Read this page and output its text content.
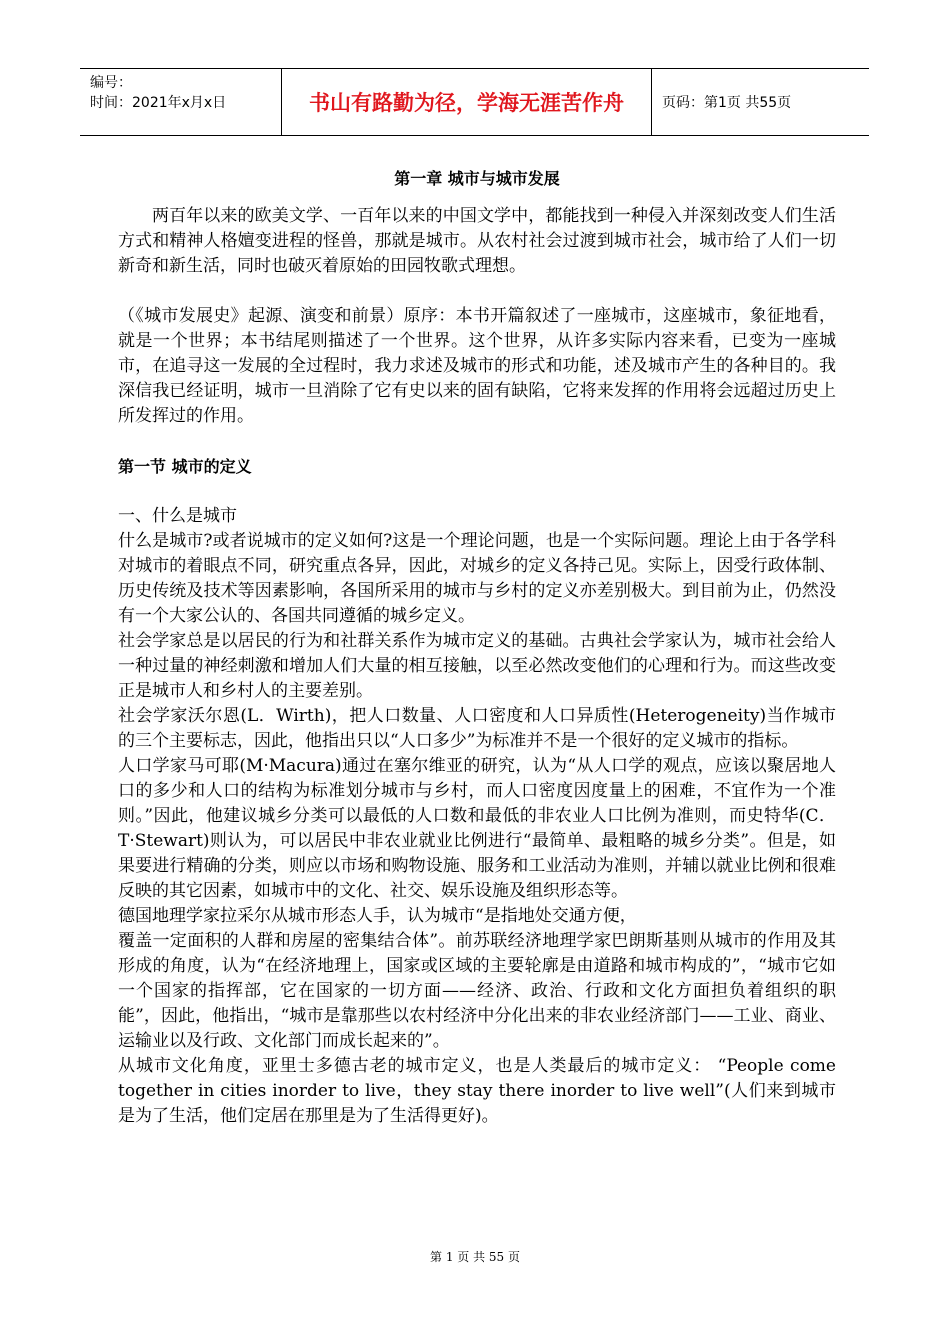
编号：
时间：2021年x月x日	书山有路勤为径，学海无涯苦作舟	页码：第1页 共55页
第一章 城市与城市发展

两百年以来的欧美文学、一百年以来的中国文学中，都能找到一种侵入并深刻改变人们生活方式和精神人格嬗变进程的怪兽，那就是城市。从农村社会过渡到城市社会，城市给了人们一切新奇和新生活，同时也破灭着原始的田园牧歌式理想。

（《城市发展史》起源、演变和前景）原序：本书开篇叙述了一座城市，这座城市，象征地看，就是一个世界；本书结尾则描述了一个世界。这个世界，从许多实际内容来看，已变为一座城市，在追寻这一发展的全过程时，我力求述及城市的形式和功能，述及城市产生的各种目的。我深信我已经证明，城市一旦消除了它有史以来的固有缺陷，它将来发挥的作用将会远超过历史上所发挥过的作用。

第一节 城市的定义

一、什么是城市

什么是城市?或者说城市的定义如何?这是一个理论问题，也是一个实际问题。理论上由于各学科对城市的着眼点不同，研究重点各异，因此，对城乡的定义各持己见。实际上，因受行政体制、历史传统及技术等因素影响，各国所采用的城市与乡村的定义亦差别极大。到目前为止，仍然没有一个大家公认的、各国共同遵循的城乡定义。

社会学家总是以居民的行为和社群关系作为城市定义的基础。古典社会学家认为，城市社会给人一种过量的神经刺激和增加人们大量的相互接触，以至必然改变他们的心理和行为。而这些改变正是城市人和乡村人的主要差别。

社会学家沃尔恩(L．Wirth)，把人口数量、人口密度和人口异质性(Heterogeneity)当作城市的三个主要标志，因此，他指出只以“人口多少”为标准并不是一个很好的定义城市的指标。

人口学家马可耶(M·Macura)通过在塞尔维亚的研究，认为“从人口学的观点，应该以聚居地人口的多少和人口的结构为标准划分城市与乡村，而人口密度因度量上的困难，不宜作为一个准则。”因此，他建议城乡分类可以最低的人口数和最低的非农业人口比例为准则，而史特华(C．T·Stewart)则认为，可以居民中非农业就业比例进行“最简单、最粗略的城乡分类”。但是，如果要进行精确的分类，则应以市场和购物设施、服务和工业活动为准则，并辅以就业比例和很难反映的其它因素，如城市中的文化、社交、娱乐设施及组织形态等。

德国地理学家拉采尔从城市形态人手，认为城市“是指地处交通方便，

覆盖一定面积的人群和房屋的密集结合体”。前苏联经济地理学家巴朗斯基则从城市的作用及其形成的角度，认为“在经济地理上，国家或区域的主要轮廓是由道路和城市构成的”，“城市它如一个国家的指挥部，它在国家的一切方面——经济、政治、行政和文化方面担负着组织的职能”，因此，他指出，“城市是靠那些以农村经济中分化出来的非农业经济部门——工业、商业、运输业以及行政、文化部门而成长起来的”。

从城市文化角度，亚里士多德古老的城市定义，也是人类最后的城市定义： “People come together in cities inorder to live，they stay there inorder to live well”(人们来到城市是为了生活，他们定居在那里是为了生活得更好)。

第 1 页 共 55 页
